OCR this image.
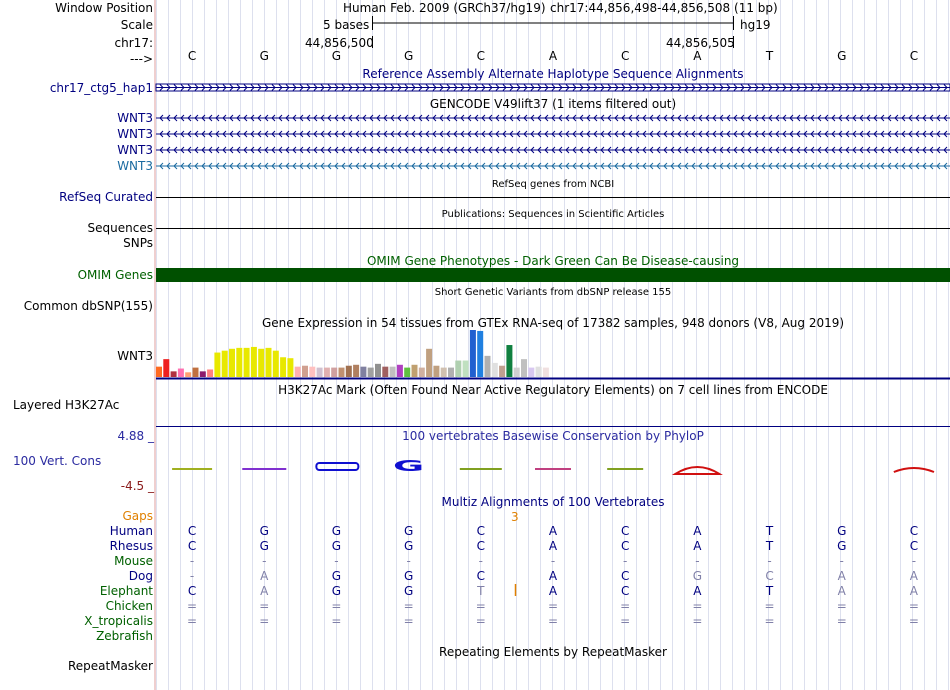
Window Position	Human Feb. 2009 (GRCh37/hg19) chr17:44,856,498-44,856,508 (11 bp)
Scale	5 bases	hg19
chr17:	44,856,500	44,856,505
--->	C	G	G	G	C	A	C	A	T	G	C
Reference Assembly Alternate Haplotype Sequence Alignments
chr17_ctg5_hap1
GENCODE V49lift37 (1 items filtered out)
WNT3
WNT3
WNT3
WNT3
RefSeq genes from NCBI
RefSeq Curated
Publications: Sequences in Scientific Articles
Sequences
SNPs
OMIM Gene Phenotypes - Dark Green Can Be Disease-causing
OMIM Genes
Short Genetic Variants from dbSNP release 155
Common dbSNP(155)
Gene Expression in 54 tissues from GTEx RNA-seq of 17382 samples, 948 donors (V8, Aug 2019)
WNT3
H3K27Ac Mark (Often Found Near Active Regulatory Elements) on 7 cell lines from ENCODE
Layered H3K27Ac
100 vertebrates Basewise Conservation by PhyloP
4.88 _
100 Vert. Cons
-4.5 _
Multiz Alignments of 100 Vertebrates
Gaps	3
Human	C	G	G	G	C	A	C	A	T	G	C
Rhesus	C	G	G	G	C	A	C	A	T	G	C
Mouse	-	-	-	-	-	-	-	-	-	-	-
Dog	-	A	G	G	C	A	C	G	C	A	A
Elephant	C	A	G	G	T	A	C	A	T	A	A
Chicken	=	=	=	=	=	=	=	=	=	=	=
X_tropicalis	=	=	=	=	=	=	=	=	=	=	=
Zebrafish
Repeating Elements by RepeatMasker
RepeatMasker
G
